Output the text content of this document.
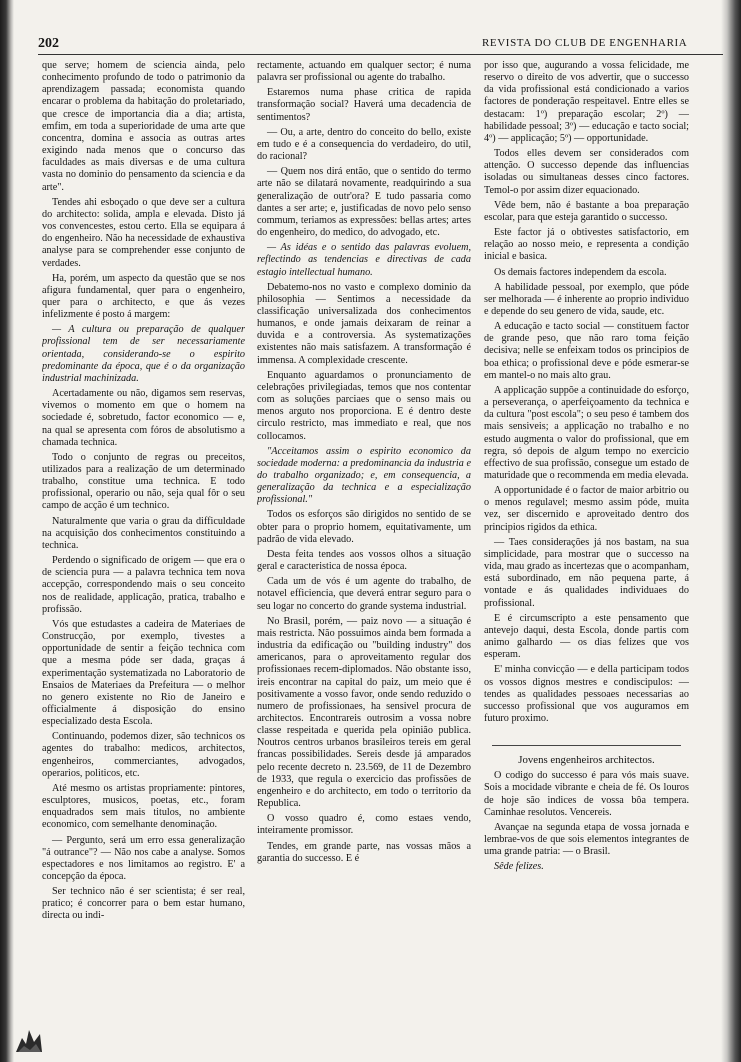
202	REVISTA DO CLUB DE ENGENHARIA

que serve; homem de sciencia ainda, pelo conhecimento profundo de todo o patrimonio da aprendizagem passada; economista quando encarar o problema da habitação do proletariado, que cresce de importancia dia a dia; artista, emfim, em toda a superioridade de uma arte que concentra, domina e associa as outras artes exigindo nada menos que o concurso das faculdades as mais diversas e de uma cultura vasta no dominio do pensamento da sciencia e da arte".

Tendes ahi esboçado o que deve ser a cultura do architecto: solida, ampla e elevada. Disto já vos convencestes, estou certo. Ella se equipara á do engenheiro. Não ha necessidade de exhaustiva analyse para se comprehender esse conjunto de verdades.

Ha, porém, um aspecto da questão que se nos afigura fundamental, quer para o engenheiro, quer para o architecto, e que ás vezes infelizmente é posto á margem:

— A cultura ou preparação de qualquer profissional tem de ser necessariamente orientada, considerando-se o espirito predominante da época, que é o da organização industrial machinizada.

Acertadamente ou não, digamos sem reservas, vivemos o momento em que o homem na sociedade é, sobretudo, factor economico — e, na qual se apresenta com fóros de absolutismo a chamada technica.

Todo o conjunto de regras ou preceitos, utilizados para a realização de um determinado trabalho, constitue uma technica. E todo profissional, operario ou não, seja qual fôr o seu campo de acção é um technico.

Naturalmente que varia o grau da difficuldade na acquisição dos conhecimentos constituindo a technica.

Perdendo o significado de origem — que era o de sciencia pura — a palavra technica tem nova accepção, correspondendo mais o seu conceito nos de realidade, applicação, pratica, trabalho e profissão.

Vós que estudastes a cadeira de Materiaes de Construcção, por exemplo, tivestes a opportunidade de sentir a feição technica com que a mesma póde ser dada, graças á experimentação systematizada no Laboratorio de Ensaios de Materiaes da Prefeitura — o melhor no genero existente no Rio de Janeiro e officialmente á disposição do ensino especializado desta Escola.

Continuando, podemos dizer, são technicos os agentes do trabalho: medicos, architectos, engenheiros, commerciantes, advogados, operarios, politicos, etc.

Até mesmo os artistas propriamente: pintores, esculptores, musicos, poetas, etc., foram enquadrados sem mais titulos, no ambiente economico, com semelhante denominação.

— Pergunto, será um erro essa generalização "á outrance"? — Não nos cabe a analyse. Somos espectadores e nos limitamos ao registro. E' a concepção da época.

Ser technico não é ser scientista; é ser real, pratico; é concorrer para o bem estar humano, directa ou indi-

rectamente, actuando em qualquer sector; é numa palavra ser profissional ou agente do trabalho.

Estaremos numa phase critica de rapida transformação social? Haverá uma decadencia de sentimentos?

— Ou, a arte, dentro do conceito do bello, existe em tudo e é a consequencia do verdadeiro, do util, do racional?

— Quem nos dirá então, que o sentido do termo arte não se dilatará novamente, readquirindo a sua generalização de outr'ora? E tudo passaria como dantes a ser arte; e, justificadas de novo pelo senso commum, teriamos as expressões: bellas artes; artes do engenheiro, do medico, do advogado, etc.

— As idéas e o sentido das palavras evoluem, reflectindo as tendencias e directivas de cada estagio intellectual humano.

Debatemo-nos no vasto e complexo dominio da philosophia — Sentimos a necessidade da classificação universalizada dos conhecimentos humanos, e onde jamais deixaram de reinar a duvida e a controversia. As systematizações existentes não mais satisfazem. A transformação é immensa. A complexidade crescente.

Enquanto aguardamos o pronunciamento de celebrações privilegiadas, temos que nos contentar com as soluções parciaes que o senso mais ou menos arguto nos proporciona. E é dentro deste circulo restricto, mas immediato e real, que nos collocamos.

"Acceitamos assim o espirito economico da sociedade moderna: a predominancia da industria e do trabalho organizado; e, em consequencia, a generalização da technica e a especialização profissional."

Todos os esforços são dirigidos no sentido de se obter para o proprio homem, equitativamente, um padrão de vida elevado.

Desta feita tendes aos vossos olhos a situação geral e caracteristica de nossa época.

Cada um de vós é um agente do trabalho, de notavel efficiencia, que deverá entrar seguro para o seu logar no concerto do grande systema industrial.

No Brasil, porém, — paiz novo — a situação é mais restricta. Não possuimos ainda bem formada a industria da edificação ou "building industry" dos americanos, para o aproveitamento regular dos profissionaes recem-diplomados. Não obstante isso, ireis encontrar na capital do paiz, um meio que é positivamente a vosso favor, onde sendo reduzido o numero de profissionaes, ha sensivel procura de architectos. Encontrareis outrosim a vossa nobre classe respeitada e querida pela opinião publica. Noutros centros urbanos brasileiros tereis em geral francas possibilidades. Sereis desde já amparados pelo recente decreto n. 23.569, de 11 de Dezembro de 1933, que regula o exercicio das profissões de engenheiro e do architecto, em todo o territorio da Republica.

O vosso quadro é, como estaes vendo, inteiramente promissor.

Tendes, em grande parte, nas vossas mãos a garantia do successo. E é

por isso que, augurando a vossa felicidade, me reservo o direito de vos advertir, que o successo da vida profissional está condicionado a varios factores de ponderação respeitavel. Entre elles se destacam: 1º) preparação escolar; 2º) — habilidade pessoal; 3º) — educação e tacto social; 4º) — applicação; 5º) — opportunidade.

Todos elles devem ser considerados com attenção. O successo depende das influencias isoladas ou simultaneas desses cinco factores. Temol-o por assim dizer equacionado.

Vêde bem, não é bastante a boa preparação escolar, para que esteja garantido o successo.

Este factor já o obtivestes satisfactorio, em relação ao nosso meio, e representa a condição inicial e basica.

Os demais factores independem da escola.

A habilidade pessoal, por exemplo, que póde ser melhorada — é inherente ao proprio individuo e depende do seu genero de vida, saude, etc.

A educação e tacto social — constituem factor de grande peso, que não raro toma feição decisiva; nelle se enfeixam todos os principios de boa ethica; o profissional deve e póde esmerar-se em mantel-o no mais alto grau.

A applicação suppõe a continuidade do esforço, a perseverança, o aperfeiçoamento da technica e da cultura "post escola"; o seu peso é tambem dos mais sensiveis; a applicação no trabalho e no estudo augmenta o valor do profissional, que em regra, só depois de algum tempo no exercicio effectivo de sua profissão, consegue um estado de maturidade que o recommenda em media elevada.

A opportunidade é o factor de maior arbitrio ou o menos regulavel; mesmo assim póde, muita vez, ser discernido e aproveitado dentro dos principios rigidos da ethica.

— Taes considerações já nos bastam, na sua simplicidade, para mostrar que o successo na vida, mau grado as incertezas que o acompanham, está subordinado, em não pequena parte, á vontade e ás qualidades individuaes do profissional.

E é circumscripto a este pensamento que antevejo daqui, desta Escola, donde partis com animo galhardo — os dias felizes que vos esperam.

E' minha convicção — e della participam todos os vossos dignos mestres e condiscipulos: — tendes as qualidades pessoaes necessarias ao successo profissional que vos auguramos em futuro proximo.

Jovens engenheiros architectos.

O codigo do successo é para vós mais suave. Sois a mocidade vibrante e cheia de fé. Os louros de hoje são indices de vossa bôa tempera. Caminhae resolutos. Vencereis.

Avançae na segunda etapa de vossa jornada e lembrae-vos de que sois elementos integrantes de uma grande patria: — o Brasil.

Sêde felizes.
